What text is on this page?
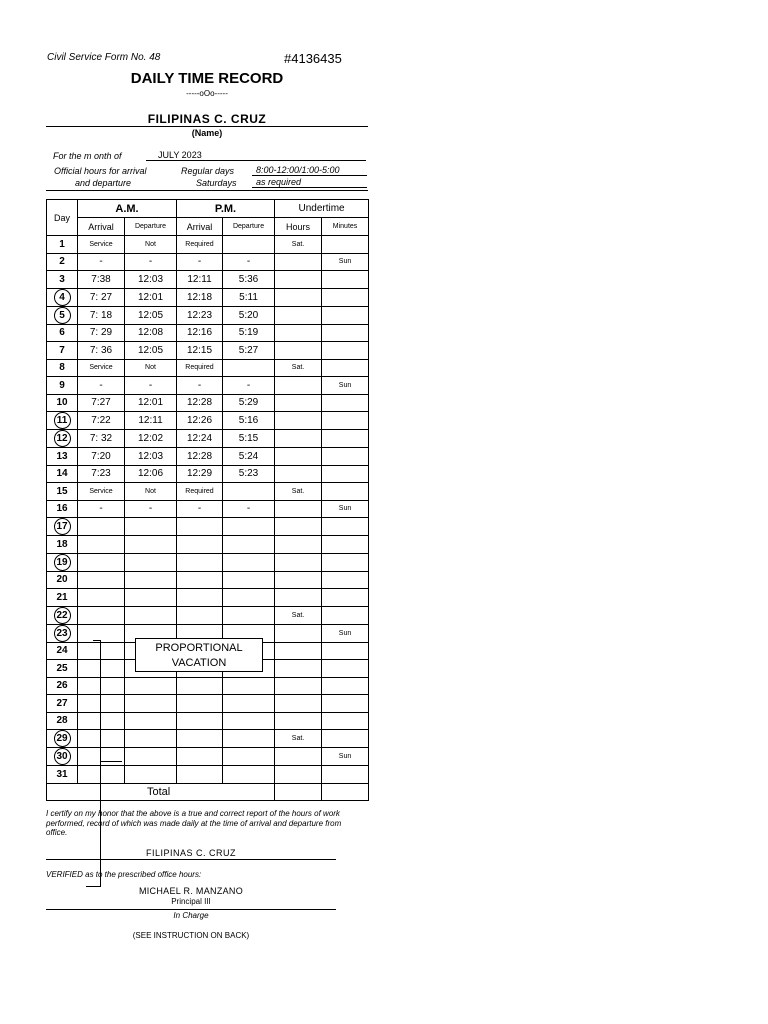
Civil Service Form No. 48	#4136435
DAILY TIME RECORD
-----oOo-----
FILIPINAS C. CRUZ
(Name)
For the m onth of	JULY 2023
Official hours for arrival
and departure
Regular days	8:00-12:00/1:00-5:00
Saturdays	as required
Day	A.M.		P.M.		Undertime	
	Arrival	Departure	Arrival	Departure	Hours	Minutes
1	Service	Not	Required		Sat.	
2	-	-	-	-		Sun
3	7:38	12:03	12:11	5:36		
4	7: 27	12:01	12:18	5:11		
5	7: 18	12:05	12:23	5:20		
6	7: 29	12:08	12:16	5:19		
7	7: 36	12:05	12:15	5:27		
8	Service	Not	Required		Sat.	
9	-	-	-	-		Sun
10	7:27	12:01	12:28	5:29		
11	7:22	12:11	12:26	5:16		
12	7: 32	12:02	12:24	5:15		
13	7:20	12:03	12:28	5:24		
14	7:23	12:06	12:29	5:23		
15	Service	Not	Required		Sat.	
16	-	-	-	-		Sun
17						
18						
19						
20						
21						
22					Sat.	
23						Sun
24						
25						
26						
27						
28						
29					Sat.	
30						Sun
31						
Total						
PROPORTIONAL
VACATION
I certify on my honor that the above is a true and correct report of the hours of work performed, record of which was made daily at the time of arrival and departure from office.
FILIPINAS C. CRUZ
VERIFIED as to the prescribed office hours:
MICHAEL R. MANZANO
Principal III
In Charge
(SEE INSTRUCTION ON BACK)
